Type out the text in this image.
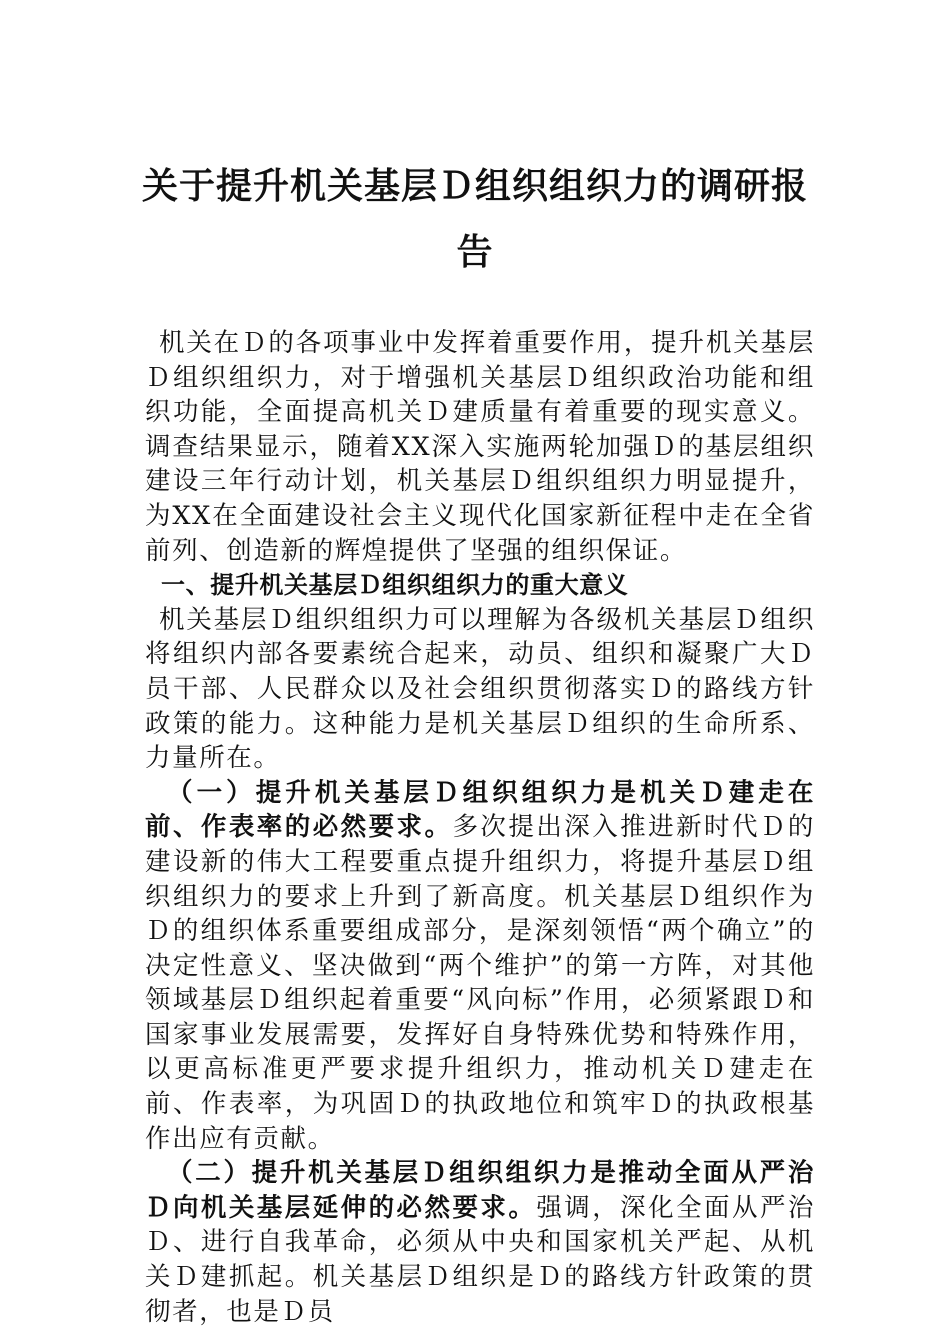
关于提升机关基层Ｄ组织组织力的调研报
告

机关在Ｄ的各项事业中发挥着重要作用，提升机关基层Ｄ组织组织力，对于增强机关基层Ｄ组织政治功能和组织功能，全面提高机关Ｄ建质量有着重要的现实意义。调查结果显示，随着XX深入实施两轮加强Ｄ的基层组织建设三年行动计划，机关基层Ｄ组织组织力明显提升，为XX在全面建设社会主义现代化国家新征程中走在全省前列、创造新的辉煌提供了坚强的组织保证。

一、提升机关基层Ｄ组织组织力的重大意义

机关基层Ｄ组织组织力可以理解为各级机关基层Ｄ组织将组织内部各要素统合起来，动员、组织和凝聚广大Ｄ员干部、人民群众以及社会组织贯彻落实Ｄ的路线方针政策的能力。这种能力是机关基层Ｄ组织的生命所系、力量所在。

（一）提升机关基层Ｄ组织组织力是机关Ｄ建走在前、作表率的必然要求。多次提出深入推进新时代Ｄ的建设新的伟大工程要重点提升组织力，将提升基层Ｄ组织组织力的要求上升到了新高度。机关基层Ｄ组织作为Ｄ的组织体系重要组成部分，是深刻领悟“两个确立”的决定性意义、坚决做到“两个维护”的第一方阵，对其他领域基层Ｄ组织起着重要“风向标”作用，必须紧跟Ｄ和国家事业发展需要，发挥好自身特殊优势和特殊作用，以更高标准更严要求提升组织力，推动机关Ｄ建走在前、作表率，为巩固Ｄ的执政地位和筑牢Ｄ的执政根基作出应有贡献。

（二）提升机关基层Ｄ组织组织力是推动全面从严治Ｄ向机关基层延伸的必然要求。强调，深化全面从严治Ｄ、进行自我革命，必须从中央和国家机关严起、从机关Ｄ建抓起。机关基层Ｄ组织是Ｄ的路线方针政策的贯彻者，也是Ｄ员
